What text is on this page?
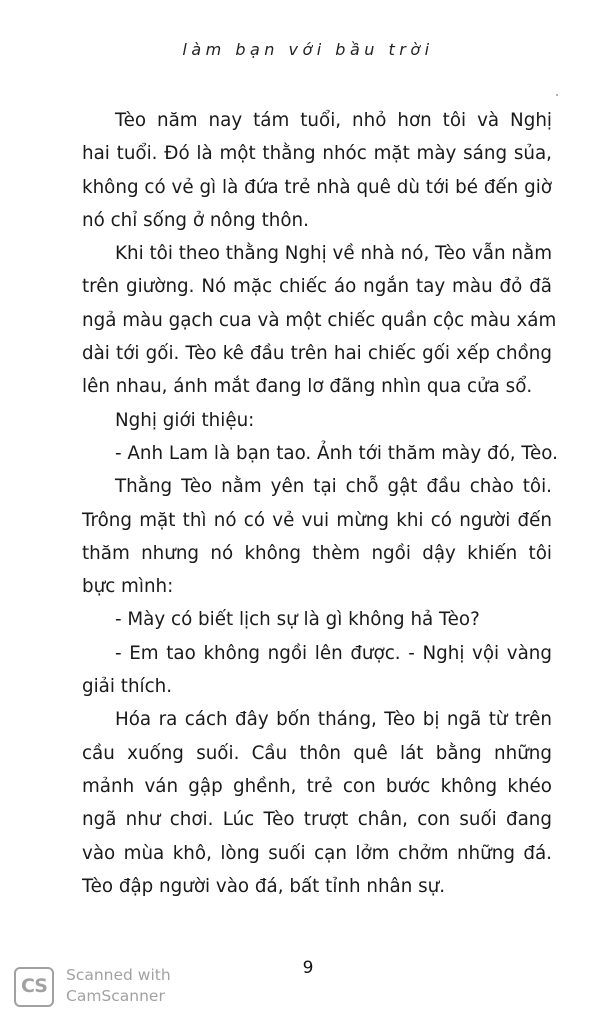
làm bạn với bầu trời
Tèo năm nay tám tuổi, nhỏ hơn tôi và Nghị
hai tuổi. Đó là một thằng nhóc mặt mày sáng sủa,
không có vẻ gì là đứa trẻ nhà quê dù tới bé đến giờ
nó chỉ sống ở nông thôn.
Khi tôi theo thằng Nghị về nhà nó, Tèo vẫn nằm
trên giường. Nó mặc chiếc áo ngắn tay màu đỏ đã
ngả màu gạch cua và một chiếc quần cộc màu xám
dài tới gối. Tèo kê đầu trên hai chiếc gối xếp chồng
lên nhau, ánh mắt đang lơ đãng nhìn qua cửa sổ.
Nghị giới thiệu:
- Anh Lam là bạn tao. Ảnh tới thăm mày đó, Tèo.
Thằng Tèo nằm yên tại chỗ gật đầu chào tôi.
Trông mặt thì nó có vẻ vui mừng khi có người đến
thăm nhưng nó không thèm ngồi dậy khiến tôi
bực mình:
- Mày có biết lịch sự là gì không hả Tèo?
- Em tao không ngồi lên được. - Nghị vội vàng
giải thích.
Hóa ra cách đây bốn tháng, Tèo bị ngã từ trên
cầu xuống suối. Cầu thôn quê lát bằng những
mảnh ván gập ghềnh, trẻ con bước không khéo
ngã như chơi. Lúc Tèo trượt chân, con suối đang
vào mùa khô, lòng suối cạn lởm chởm những đá.
Tèo đập người vào đá, bất tỉnh nhân sự.
9
CS	Scanned with
CamScanner
